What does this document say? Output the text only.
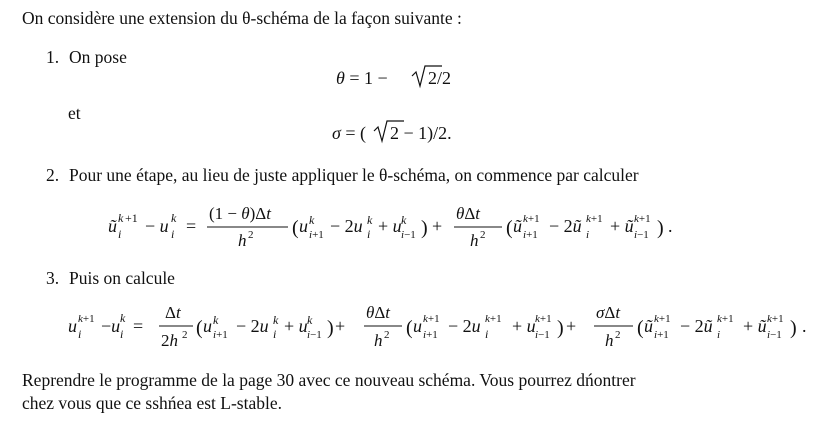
On considère une extension du θ-schéma de la façon suivante :
1. On pose
θ = 1 − 2/2
σ = ( 2 − 1)/2.
ũ k +1
i − u k
i =
(1 − θ)Δt
h 2 ( u k
i+1 − 2u k
i + u k
i−1 ) +
θΔt
h 2 ( ũ k+1
i+1 − 2ũ k+1
i + ũ k+1
i−1 ) .
u k+1
i −u k
i =
Δt
2h 2 ( u k
i+1 − 2u k
i + u k
i−1 ) +
θΔt
h 2 ( u k+1
i+1 − 2u k+1
i + u k+1
i−1 ) +
σΔt
h 2 ( ũ k+1
i+1 − 2ũ k+1
i + ũ k+1
i−1 ) .
et
2. Pour une étape, au lieu de juste appliquer le θ-schéma, on commence par calculer
3. Puis on calcule
Reprendre le programme de la page 30 avec ce nouveau schéma. Vous pourrez dńontrer
chez vous que ce sshńea est L-stable.
